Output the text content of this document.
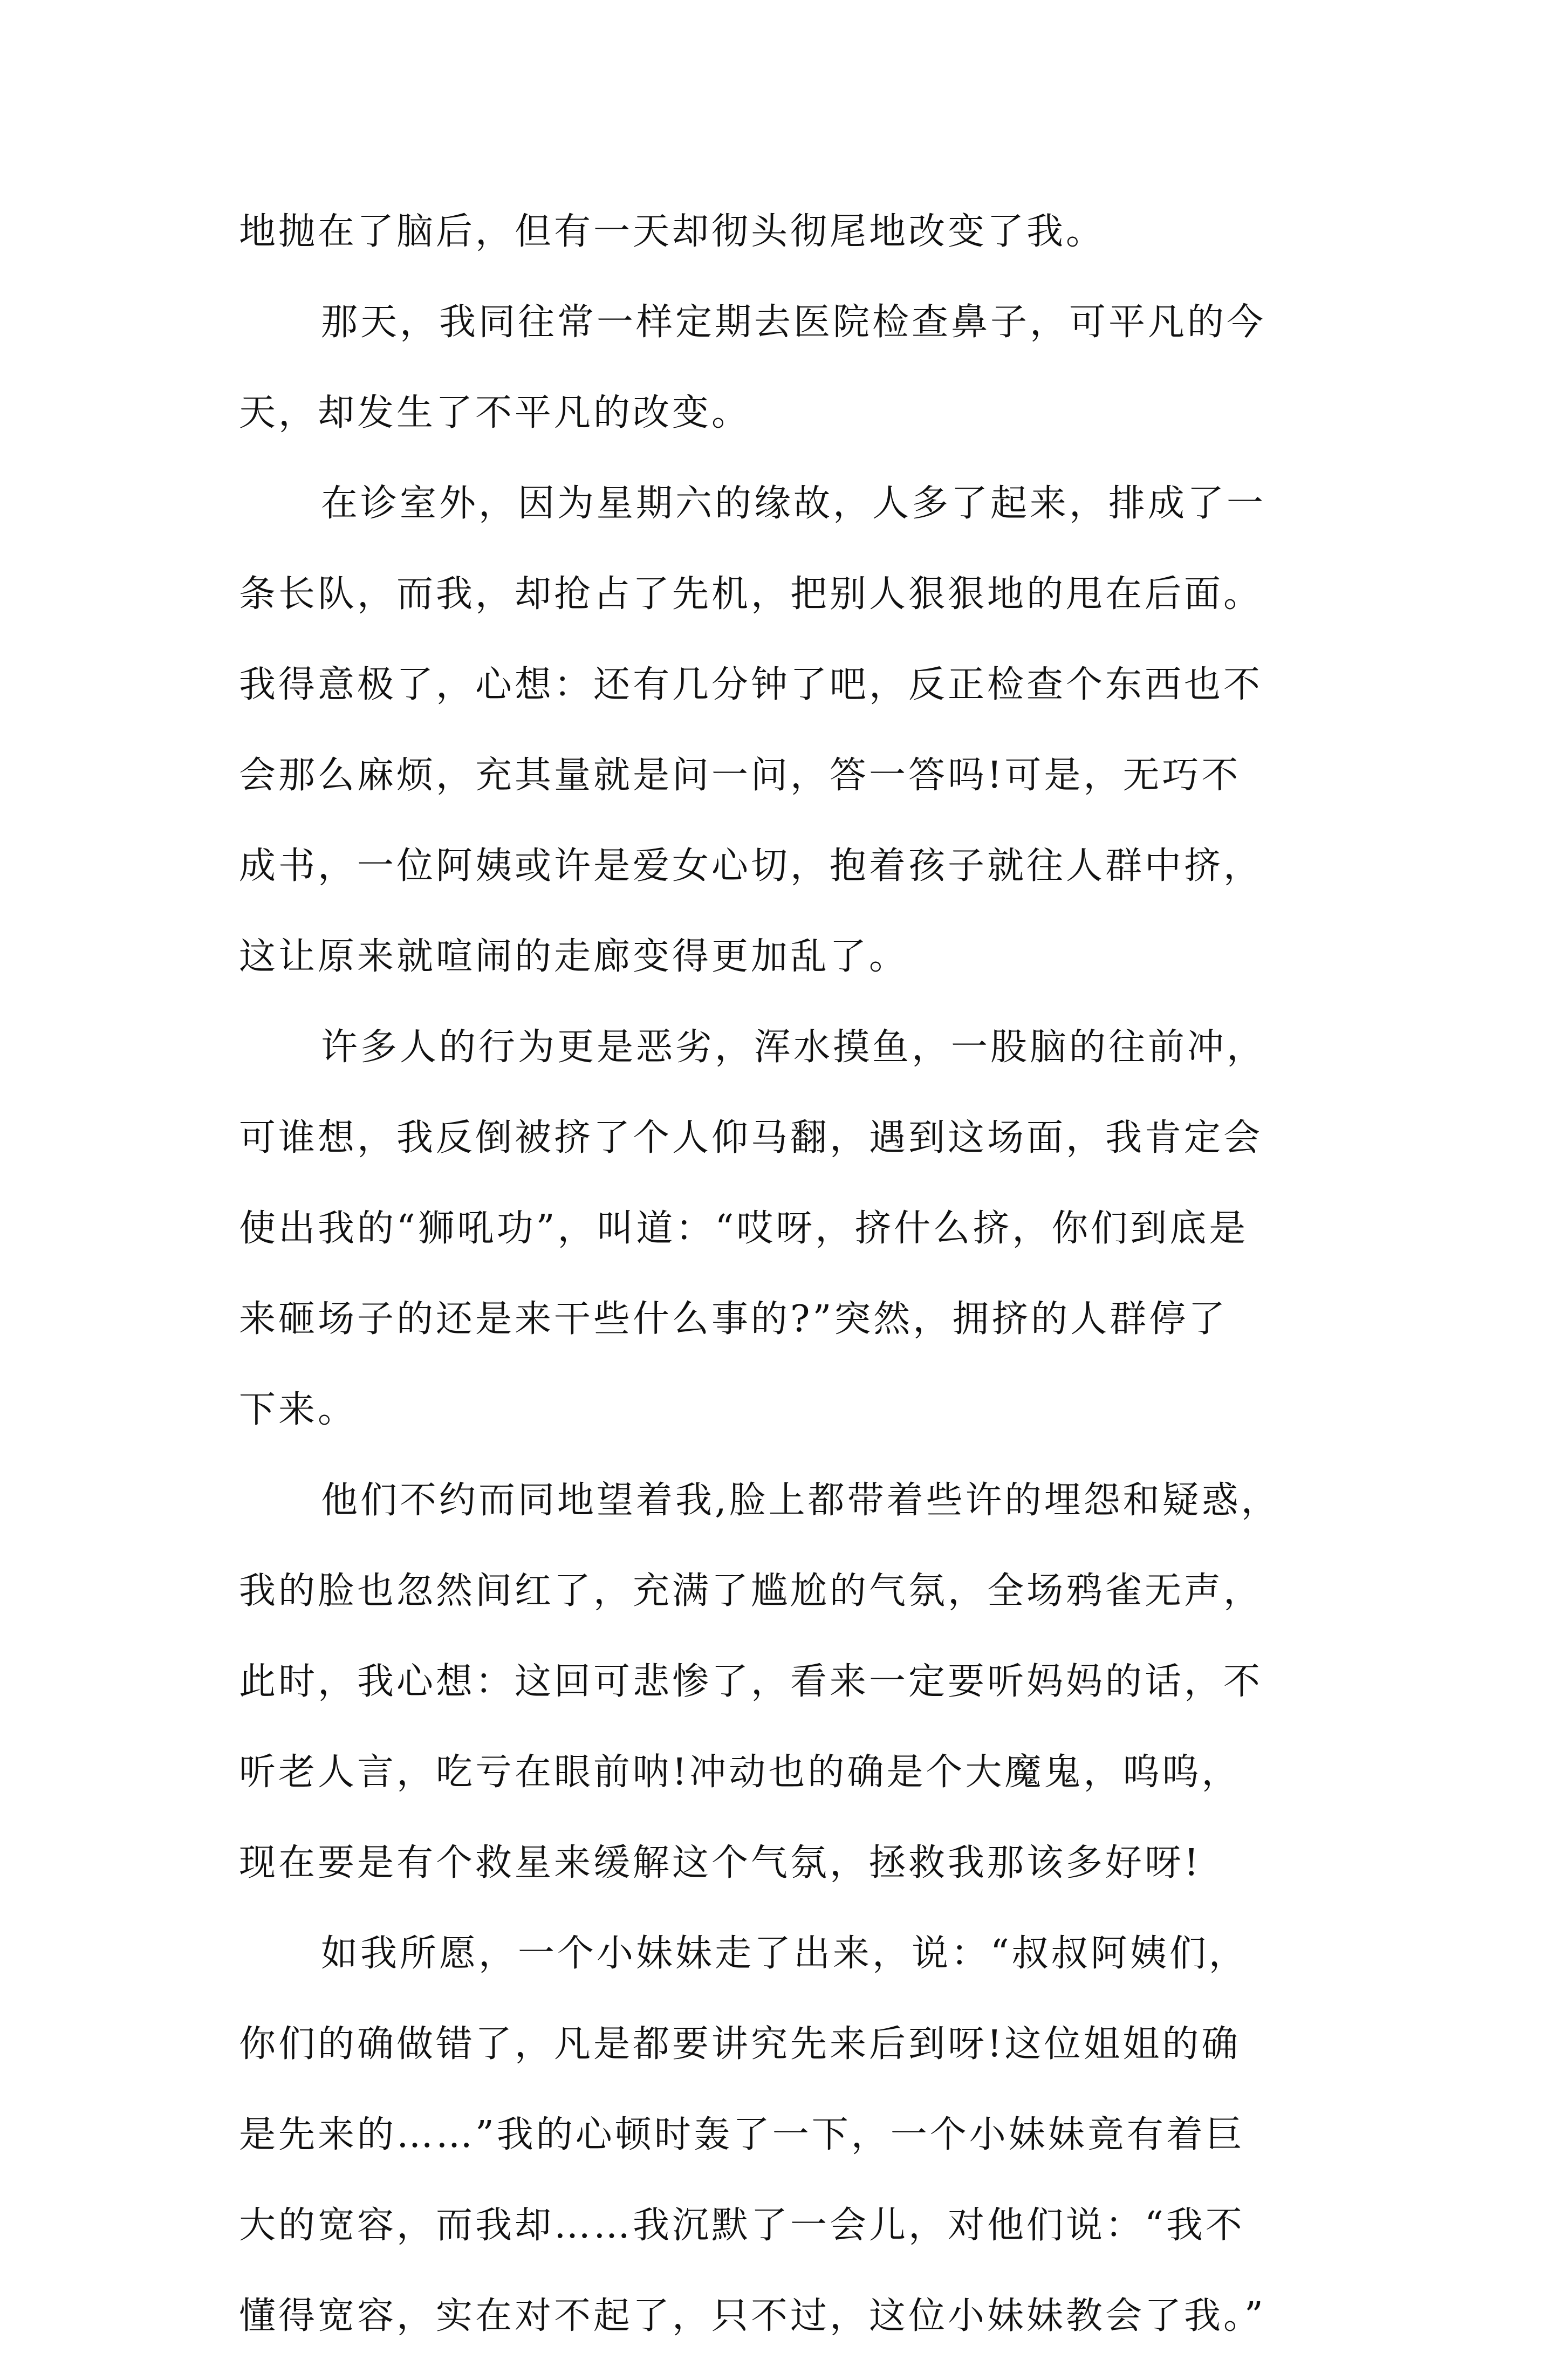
地抛在了脑后，但有一天却彻头彻尾地改变了我。
那天，我同往常一样定期去医院检查鼻子，可平凡的今
天，却发生了不平凡的改变。
在诊室外，因为星期六的缘故，人多了起来，排成了一
条长队，而我，却抢占了先机，把别人狠狠地的甩在后面。
我得意极了，心想：还有几分钟了吧，反正检查个东西也不
会那么麻烦，充其量就是问一问，答一答吗!可是，无巧不
成书，一位阿姨或许是爱女心切，抱着孩子就往人群中挤，
这让原来就喧闹的走廊变得更加乱了。
许多人的行为更是恶劣，浑水摸鱼，一股脑的往前冲，
可谁想，我反倒被挤了个人仰马翻，遇到这场面，我肯定会
使出我的“狮吼功”，叫道：“哎呀，挤什么挤，你们到底是
来砸场子的还是来干些什么事的?”突然，拥挤的人群停了
下来。
他们不约而同地望着我,脸上都带着些许的埋怨和疑惑，
我的脸也忽然间红了，充满了尴尬的气氛，全场鸦雀无声，
此时，我心想：这回可悲惨了，看来一定要听妈妈的话，不
听老人言，吃亏在眼前呐!冲动也的确是个大魔鬼，呜呜，
现在要是有个救星来缓解这个气氛，拯救我那该多好呀!
如我所愿，一个小妹妹走了出来，说：“叔叔阿姨们，
你们的确做错了，凡是都要讲究先来后到呀!这位姐姐的确
是先来的……”我的心顿时轰了一下，一个小妹妹竟有着巨
大的宽容，而我却……我沉默了一会儿，对他们说：“我不
懂得宽容，实在对不起了，只不过，这位小妹妹教会了我。”
